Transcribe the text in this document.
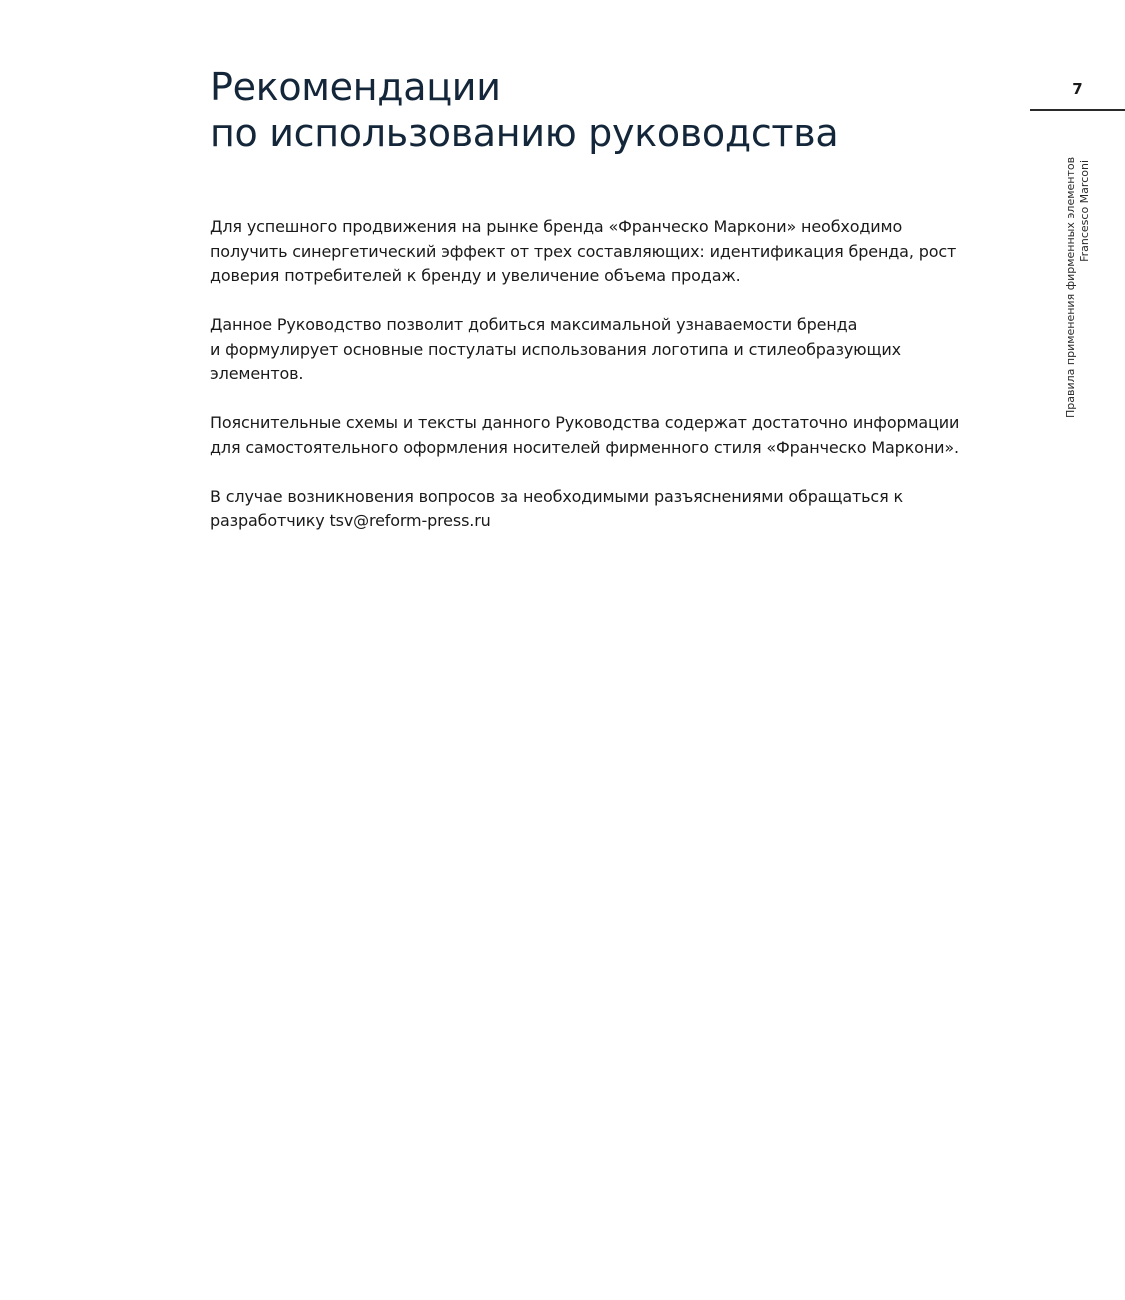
Рекомендации
по использованию руководства
7
Правила применения фирменных элементов Francesco Marconi

Для успешного продвижения на рынке бренда «Франческо Маркони» необходимо
получить синергетический эффект от трех составляющих: идентификация бренда, рост
доверия потребителей к бренду и увеличение объема продаж.

Данное Руководство позволит добиться максимальной узнаваемости бренда
и формулирует основные постулаты использования логотипа и стилеобразующих
элементов.

Пояснительные схемы и тексты данного Руководства содержат достаточно информации
для самостоятельного оформления носителей фирменного стиля «Франческо Маркони».

В случае возникновения вопросов за необходимыми разъяснениями обращаться к
разработчику tsv@reform-press.ru
